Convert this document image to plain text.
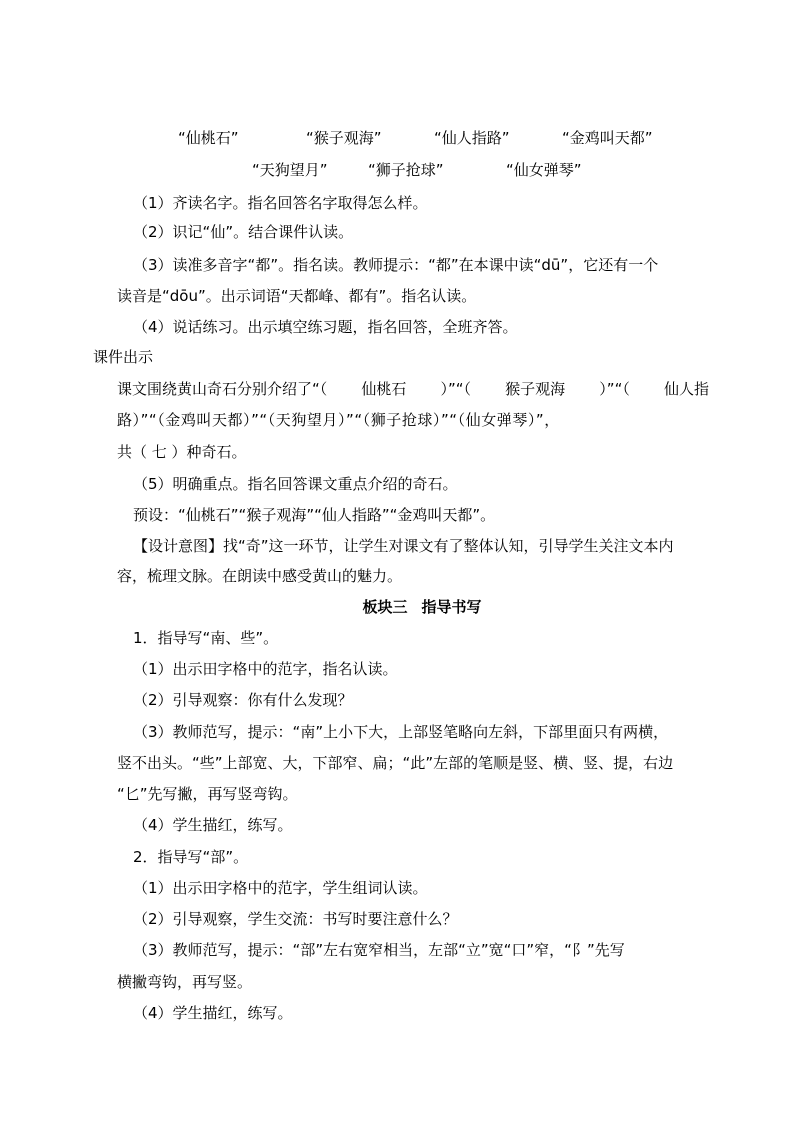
“仙桃石”	“猴子观海”	“仙人指路”	“金鸡叫天都”
“天狗望月”	“狮子抢球”	“仙女弹琴”
（1）齐读名字。指名回答名字取得怎么样。
（2）识记“仙”。结合课件认读。
（3）读准多音字“都”。指名读。教师提示：“都”在本课中读“dū”，它还有一个
读音是“dōu”。出示词语“天都峰、都有”。指名认读。
（4）说话练习。出示填空练习题，指名回答，全班齐答。
课件出示
课文围绕黄山奇石分别介绍了“（ 仙桃石 ）”“（ 猴子观海 ）”“（ 仙人指
路）”“（金鸡叫天都）”“（天狗望月）”“（狮子抢球）”“（仙女弹琴）”，
共（ 七 ）种奇石。
（5）明确重点。指名回答课文重点介绍的奇石。
预设：“仙桃石”“猴子观海”“仙人指路”“金鸡叫天都”。
【设计意图】找“奇”这一环节，让学生对课文有了整体认知，引导学生关注文本内
容，梳理文脉。在朗读中感受黄山的魅力。
板块三 指导书写
1．指导写“南、些”。
（1）出示田字格中的范字，指名认读。
（2）引导观察：你有什么发现？
（3）教师范写，提示：“南”上小下大，上部竖笔略向左斜，下部里面只有两横，
竖不出头。“些”上部宽、大，下部窄、扁；“此”左部的笔顺是竖、横、竖、提，右边
“匕”先写撇，再写竖弯钩。
（4）学生描红，练写。
2．指导写“部”。
（1）出示田字格中的范字，学生组词认读。
（2）引导观察，学生交流：书写时要注意什么？
（3）教师范写，提示：“部”左右宽窄相当，左部“立”宽“口”窄，“阝”先写
横撇弯钩，再写竖。
（4）学生描红，练写。
